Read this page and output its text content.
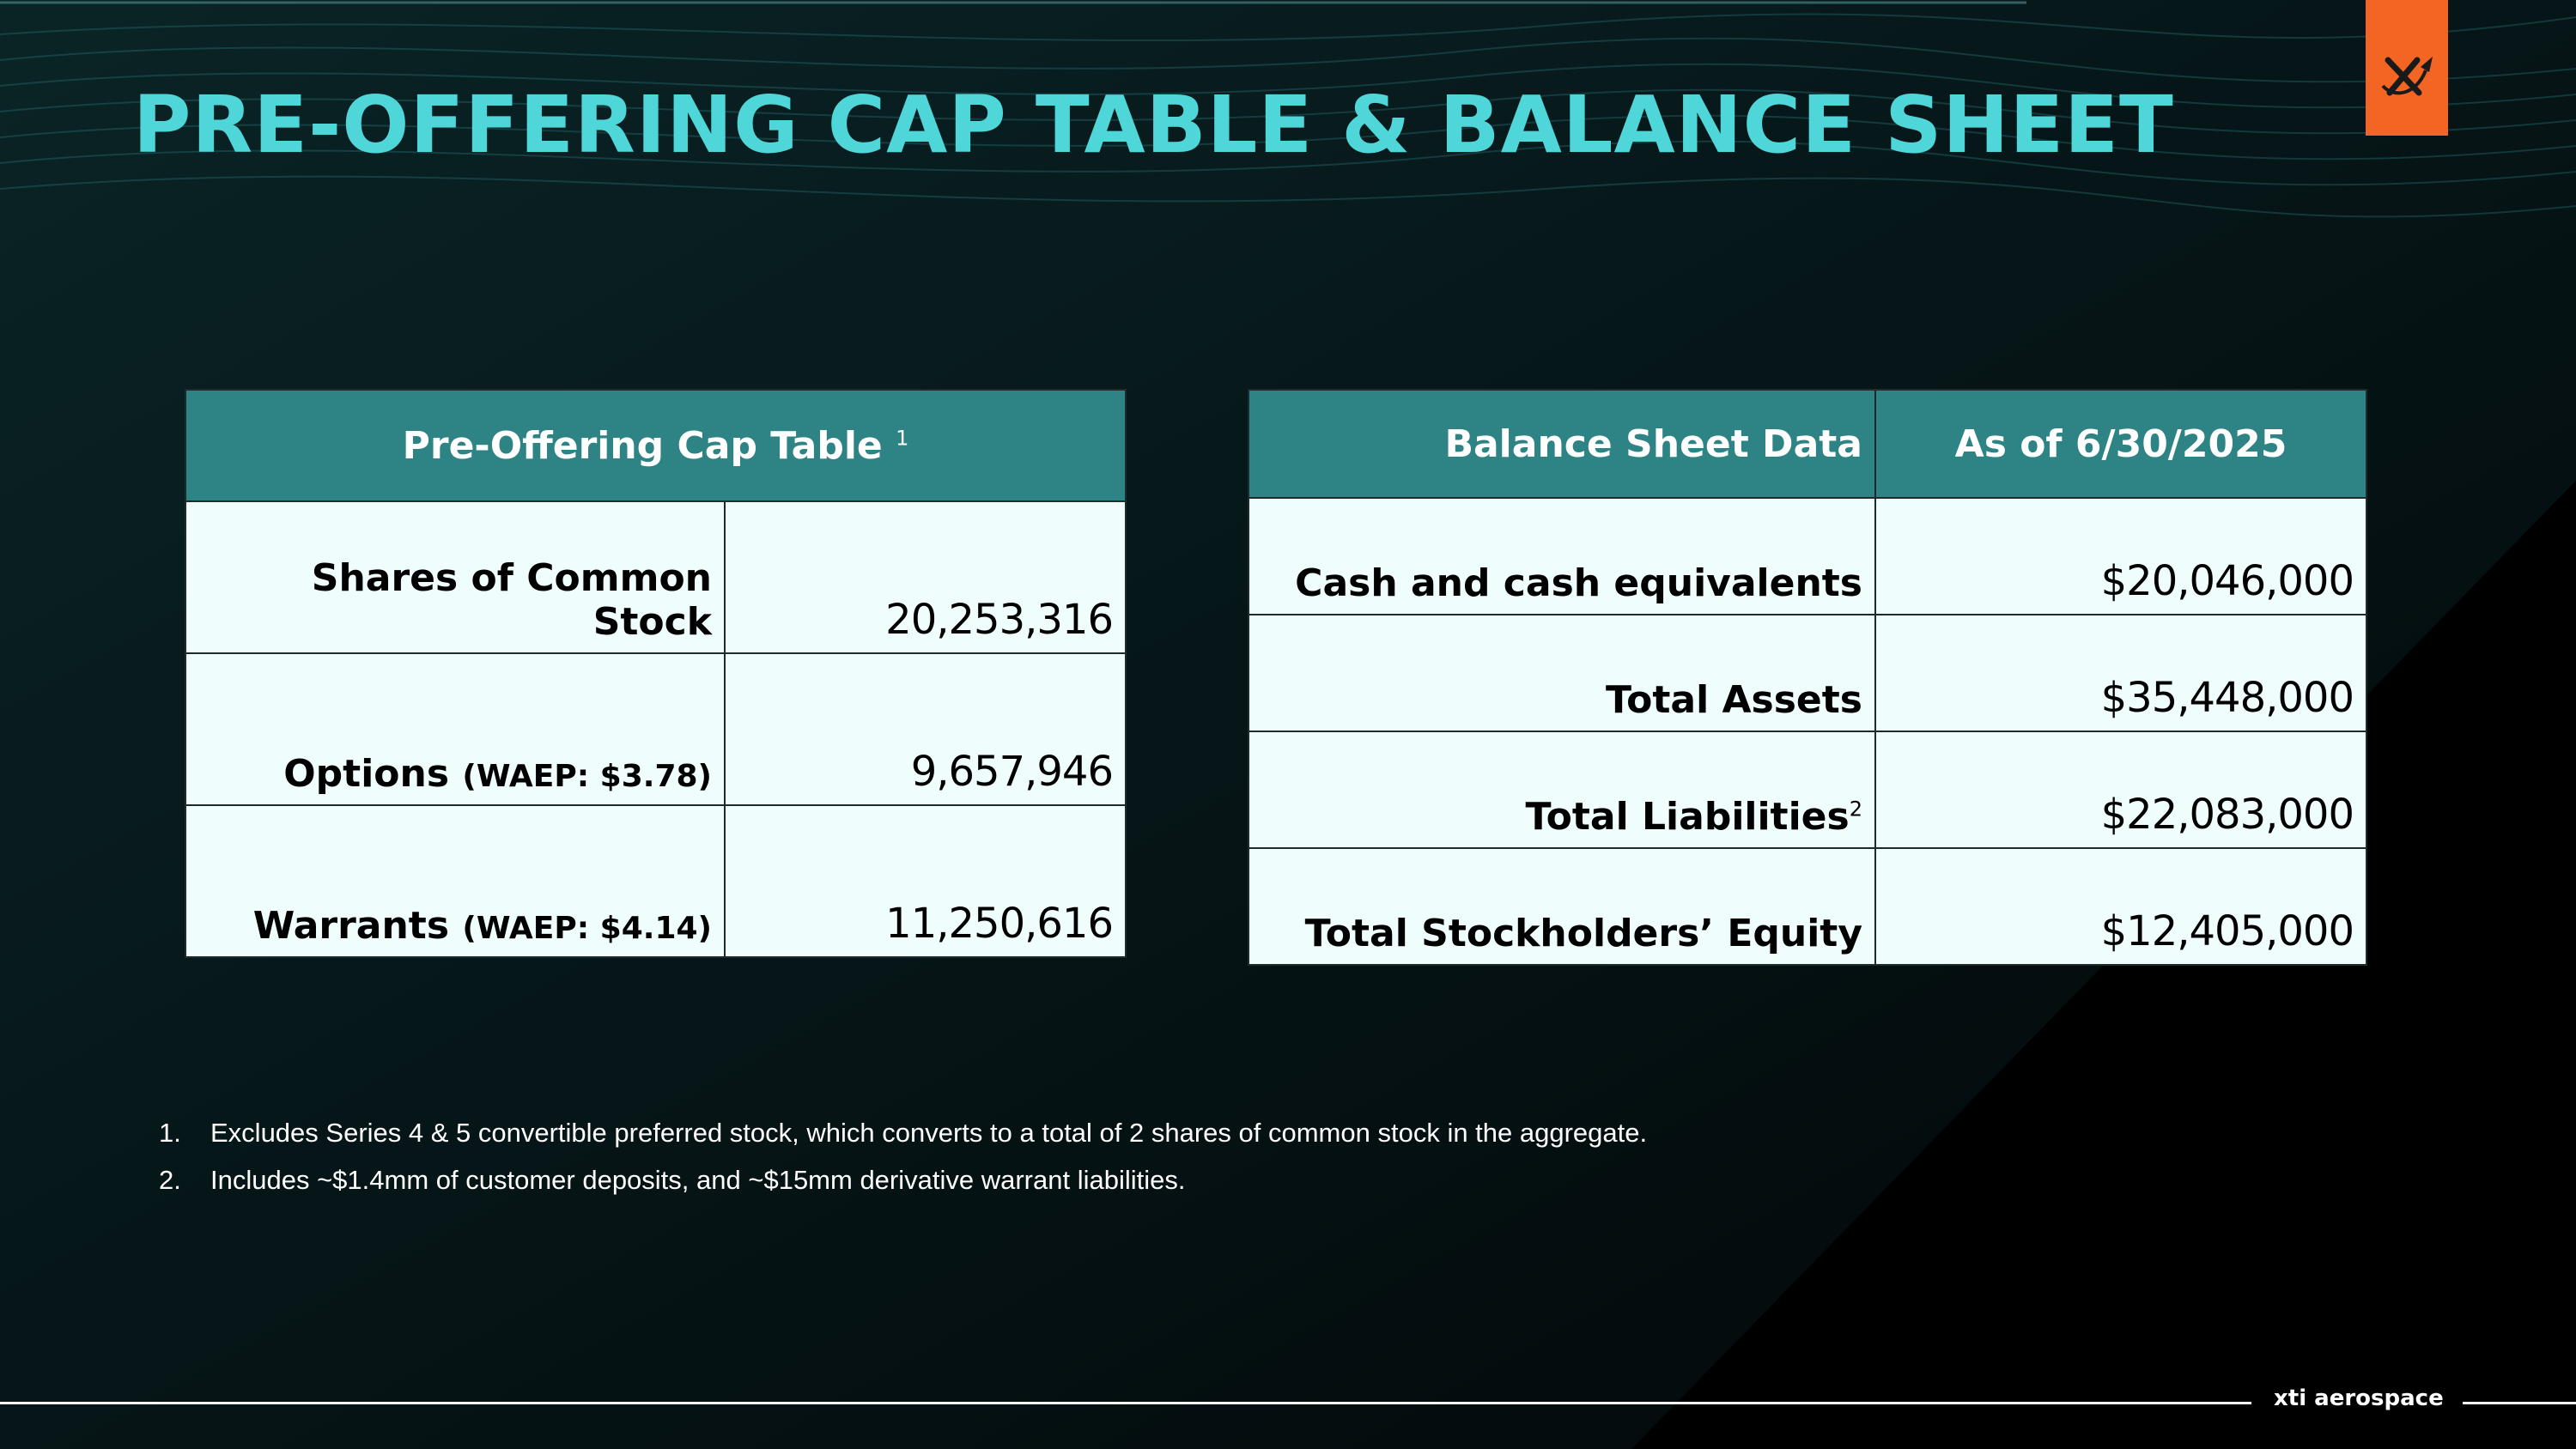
PRE-OFFERING CAP TABLE & BALANCE SHEET
Pre-Offering Cap Table $^1$
Shares of Common Stock	20,253,316
Options (WAEP: $3.78)	9,657,946
Warrants (WAEP: $4.14)	11,250,616
Balance Sheet Data	As of 6/30/2025
Cash and cash equivalents	$20,046,000
Total Assets	$35,448,000
Total Liabilities$^2$	$22,083,000
Total Stockholders’ Equity	$12,405,000
1.	Excludes Series 4 & 5 convertible preferred stock, which converts to a total of 2 shares of common stock in the aggregate.
2.	Includes ~$1.4mm of customer deposits, and ~$15mm derivative warrant liabilities.
xti aerospace
